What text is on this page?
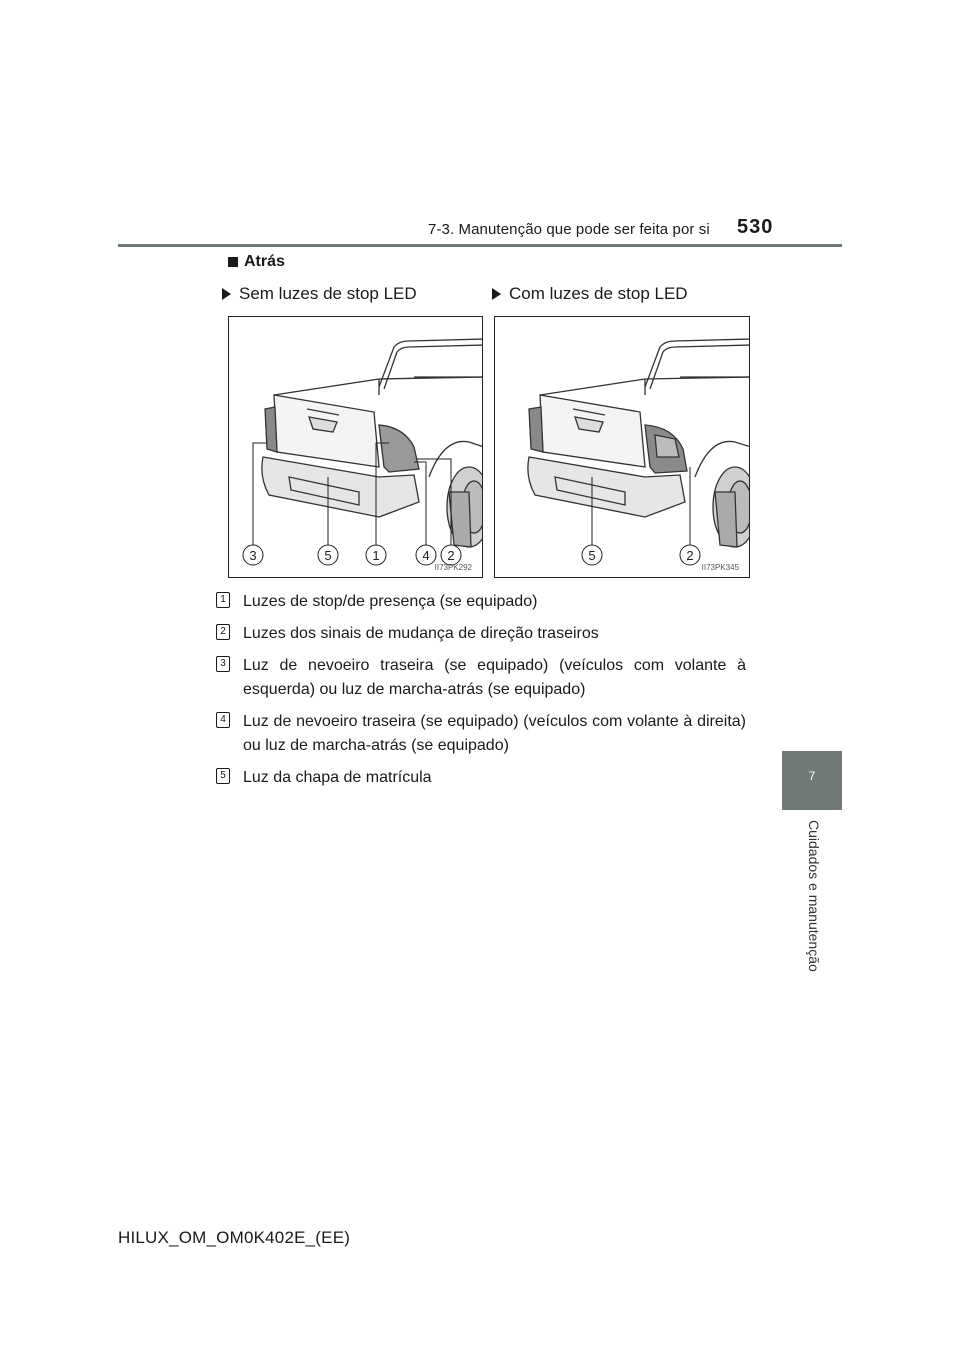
7-3. Manutenção que pode ser feita por si 530
7
Cuidados e manutenção
Atrás
Sem luzes de stop LED	Com luzes de stop LED
3	5	1	4 2
II73PK292
5	2
II73PK345
1 Luzes de stop/de presença (se equipado)
2 Luzes dos sinais de mudança de direção traseiros
3 Luz de nevoeiro traseira (se equipado) (veículos com volante à esquerda) ou luz de marcha-atrás (se equipado)
4 Luz de nevoeiro traseira (se equipado) (veículos com volante à direita) ou luz de marcha-atrás (se equipado)
5 Luz da chapa de matrícula
HILUX_OM_OM0K402E_(EE)
